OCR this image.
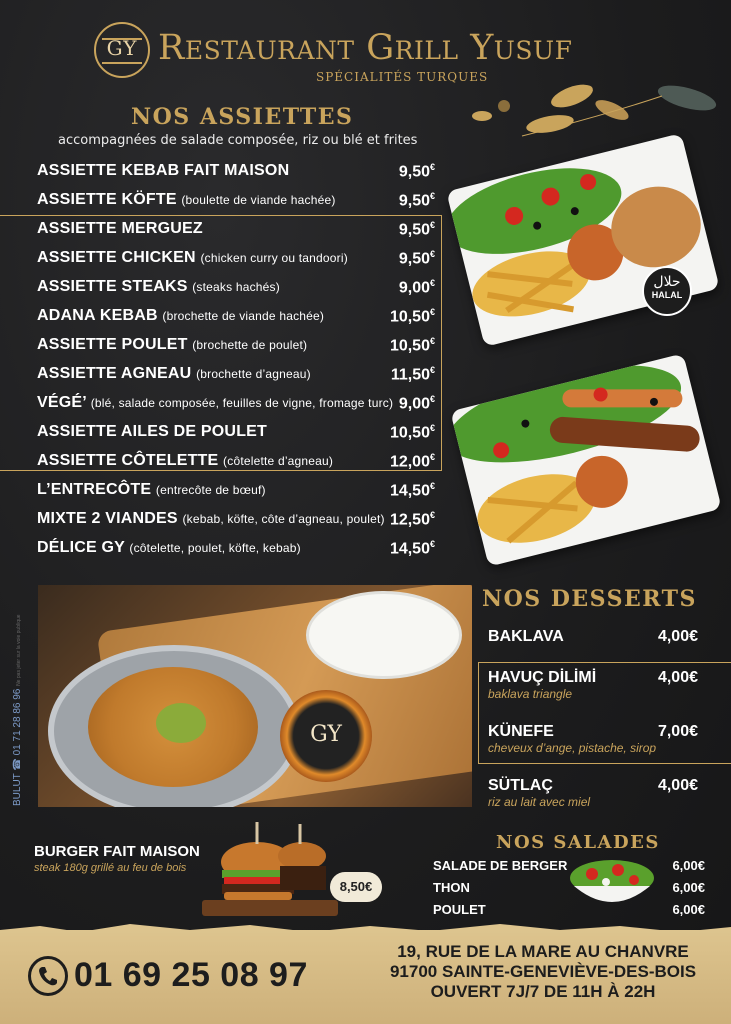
GY Restaurant Grill Yusuf
SPÉCIALITÉS TURQUES
NOS ASSIETTES
accompagnées de salade composée, riz ou blé et frites
ASSIETTE KEBAB FAIT MAISON	9,50€
ASSIETTE KÖFTE (boulette de viande hachée)	9,50€
ASSIETTE MERGUEZ	9,50€
ASSIETTE CHICKEN (chicken curry ou tandoori)	9,50€
ASSIETTE STEAKS (steaks hachés)	9,00€
ADANA KEBAB (brochette de viande hachée)	10,50€
ASSIETTE POULET (brochette de poulet)	10,50€
ASSIETTE AGNEAU (brochette d’agneau)	11,50€
VÉGÉ’ (blé, salade composée, feuilles de vigne, fromage turc) 9,00€
ASSIETTE AILES DE POULET	10,50€
ASSIETTE CÔTELETTE (côtelette d’agneau)	12,00€
L’ENTRECÔTE (entrecôte de bœuf)	14,50€
MIXTE 2 VIANDES (kebab, köfte, côte d’agneau, poulet) 12,50€
DÉLICE GY (côtelette, poulet, köfte, kebab)	14,50€
حلال
HALAL
GY
BULUT ☎ 01 71 28 86 96 Ne pas jeter sur la voie publique
NOS DESSERTS
BAKLAVA	4,00€
HAVUÇ DİLİMİ	4,00€
baklava triangle
KÜNEFE	7,00€
cheveux d’ange, pistache, sirop
SÜTLAÇ	4,00€
riz au lait avec miel
BURGER FAIT MAISON
steak 180g grillé au feu de bois
8,50€
NOS SALADES
SALADE DE BERGER	6,00€
THON	6,00€
POULET	6,00€
01 69 25 08 97
19, RUE DE LA MARE AU CHANVRE
91700 SAINTE-GENEVIÈVE-DES-BOIS
OUVERT 7J/7 DE 11H À 22H
